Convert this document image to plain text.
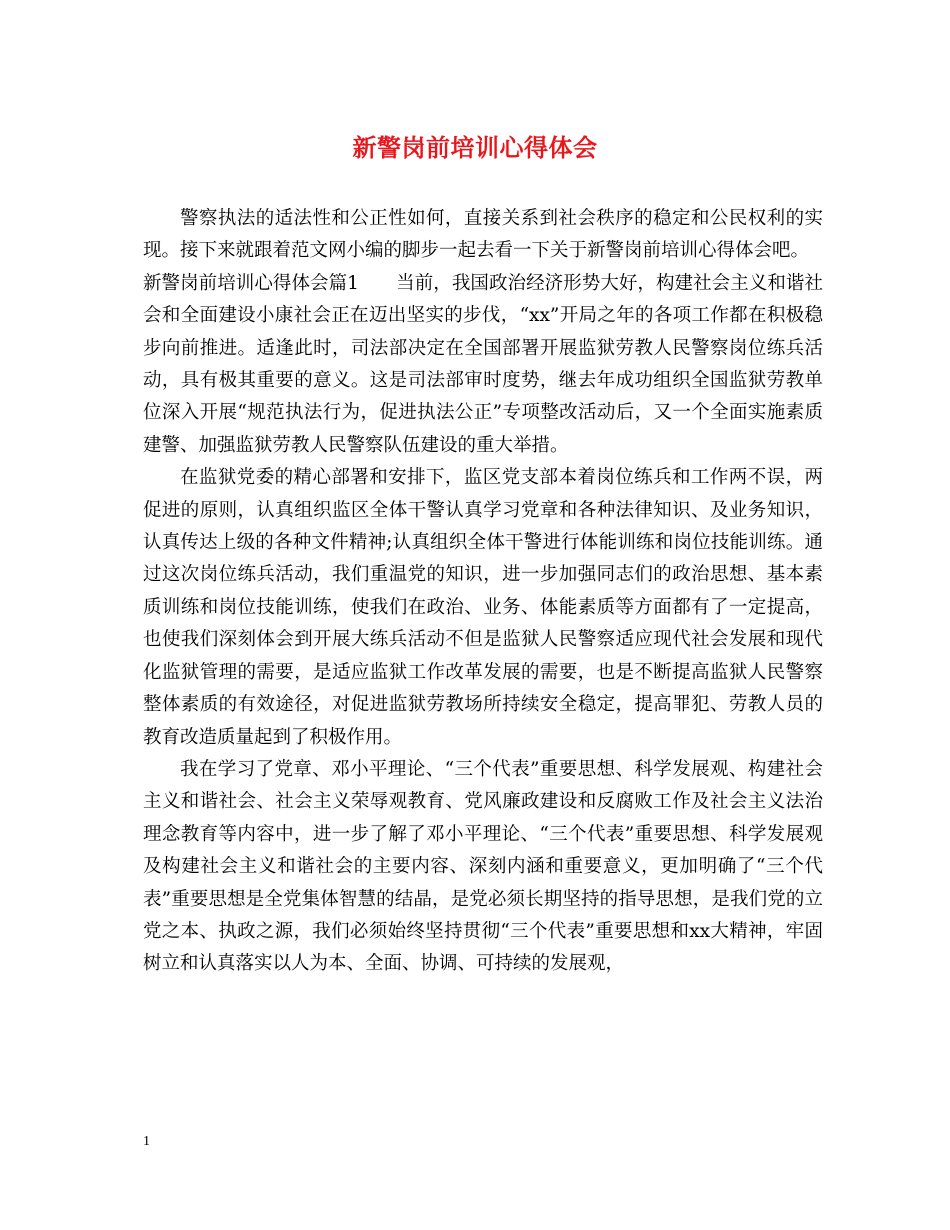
新警岗前培训心得体会

警察执法的适法性和公正性如何，直接关系到社会秩序的稳定和公民权利的实现。接下来就跟着范文网小编的脚步一起去看一下关于新警岗前培训心得体会吧。

新警岗前培训心得体会篇1　　当前，我国政治经济形势大好，构建社会主义和谐社会和全面建设小康社会正在迈出坚实的步伐，“xx”开局之年的各项工作都在积极稳步向前推进。适逢此时，司法部决定在全国部署开展监狱劳教人民警察岗位练兵活动，具有极其重要的意义。这是司法部审时度势，继去年成功组织全国监狱劳教单位深入开展“规范执法行为，促进执法公正”专项整改活动后，又一个全面实施素质建警、加强监狱劳教人民警察队伍建设的重大举措。

在监狱党委的精心部署和安排下，监区党支部本着岗位练兵和工作两不误，两促进的原则，认真组织监区全体干警认真学习党章和各种法律知识、及业务知识，认真传达上级的各种文件精神;认真组织全体干警进行体能训练和岗位技能训练。通过这次岗位练兵活动，我们重温党的知识，进一步加强同志们的政治思想、基本素质训练和岗位技能训练，使我们在政治、业务、体能素质等方面都有了一定提高，也使我们深刻体会到开展大练兵活动不但是监狱人民警察适应现代社会发展和现代化监狱管理的需要，是适应监狱工作改革发展的需要，也是不断提高监狱人民警察整体素质的有效途径，对促进监狱劳教场所持续安全稳定，提高罪犯、劳教人员的教育改造质量起到了积极作用。

我在学习了党章、邓小平理论、“三个代表”重要思想、科学发展观、构建社会主义和谐社会、社会主义荣辱观教育、党风廉政建设和反腐败工作及社会主义法治理念教育等内容中，进一步了解了邓小平理论、“三个代表”重要思想、科学发展观及构建社会主义和谐社会的主要内容、深刻内涵和重要意义，更加明确了“三个代表”重要思想是全党集体智慧的结晶，是党必须长期坚持的指导思想，是我们党的立党之本、执政之源，我们必须始终坚持贯彻“三个代表”重要思想和xx大精神，牢固树立和认真落实以人为本、全面、协调、可持续的发展观，

1
